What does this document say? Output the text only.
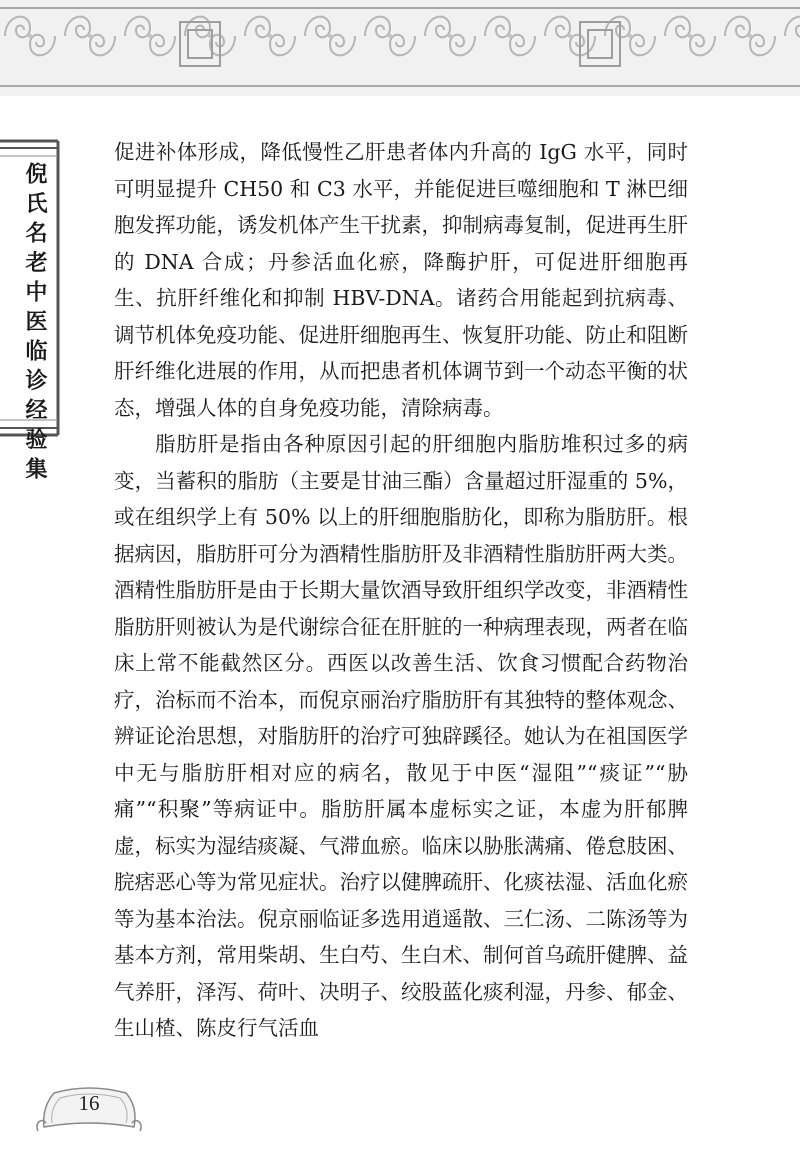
倪氏名老中医临诊经验集

促进补体形成，降低慢性乙肝患者体内升高的 IgG 水平，同时可明显提升 CH50 和 C3 水平，并能促进巨噬细胞和 T 淋巴细胞发挥功能，诱发机体产生干扰素，抑制病毒复制，促进再生肝的 DNA 合成；丹参活血化瘀，降酶护肝，可促进肝细胞再生、抗肝纤维化和抑制 HBV-DNA。诸药合用能起到抗病毒、调节机体免疫功能、促进肝细胞再生、恢复肝功能、防止和阻断肝纤维化进展的作用，从而把患者机体调节到一个动态平衡的状态，增强人体的自身免疫功能，清除病毒。

脂肪肝是指由各种原因引起的肝细胞内脂肪堆积过多的病变，当蓄积的脂肪（主要是甘油三酯）含量超过肝湿重的 5%，或在组织学上有 50% 以上的肝细胞脂肪化，即称为脂肪肝。根据病因，脂肪肝可分为酒精性脂肪肝及非酒精性脂肪肝两大类。酒精性脂肪肝是由于长期大量饮酒导致肝组织学改变，非酒精性脂肪肝则被认为是代谢综合征在肝脏的一种病理表现，两者在临床上常不能截然区分。西医以改善生活、饮食习惯配合药物治疗，治标而不治本，而倪京丽治疗脂肪肝有其独特的整体观念、辨证论治思想，对脂肪肝的治疗可独辟蹊径。她认为在祖国医学中无与脂肪肝相对应的病名，散见于中医“湿阻”“痰证”“胁痛”“积聚”等病证中。脂肪肝属本虚标实之证，本虚为肝郁脾虚，标实为湿结痰凝、气滞血瘀。临床以胁胀满痛、倦怠肢困、脘痞恶心等为常见症状。治疗以健脾疏肝、化痰祛湿、活血化瘀等为基本治法。倪京丽临证多选用逍遥散、三仁汤、二陈汤等为基本方剂，常用柴胡、生白芍、生白术、制何首乌疏肝健脾、益气养肝，泽泻、荷叶、决明子、绞股蓝化痰利湿，丹参、郁金、生山楂、陈皮行气活血

16
